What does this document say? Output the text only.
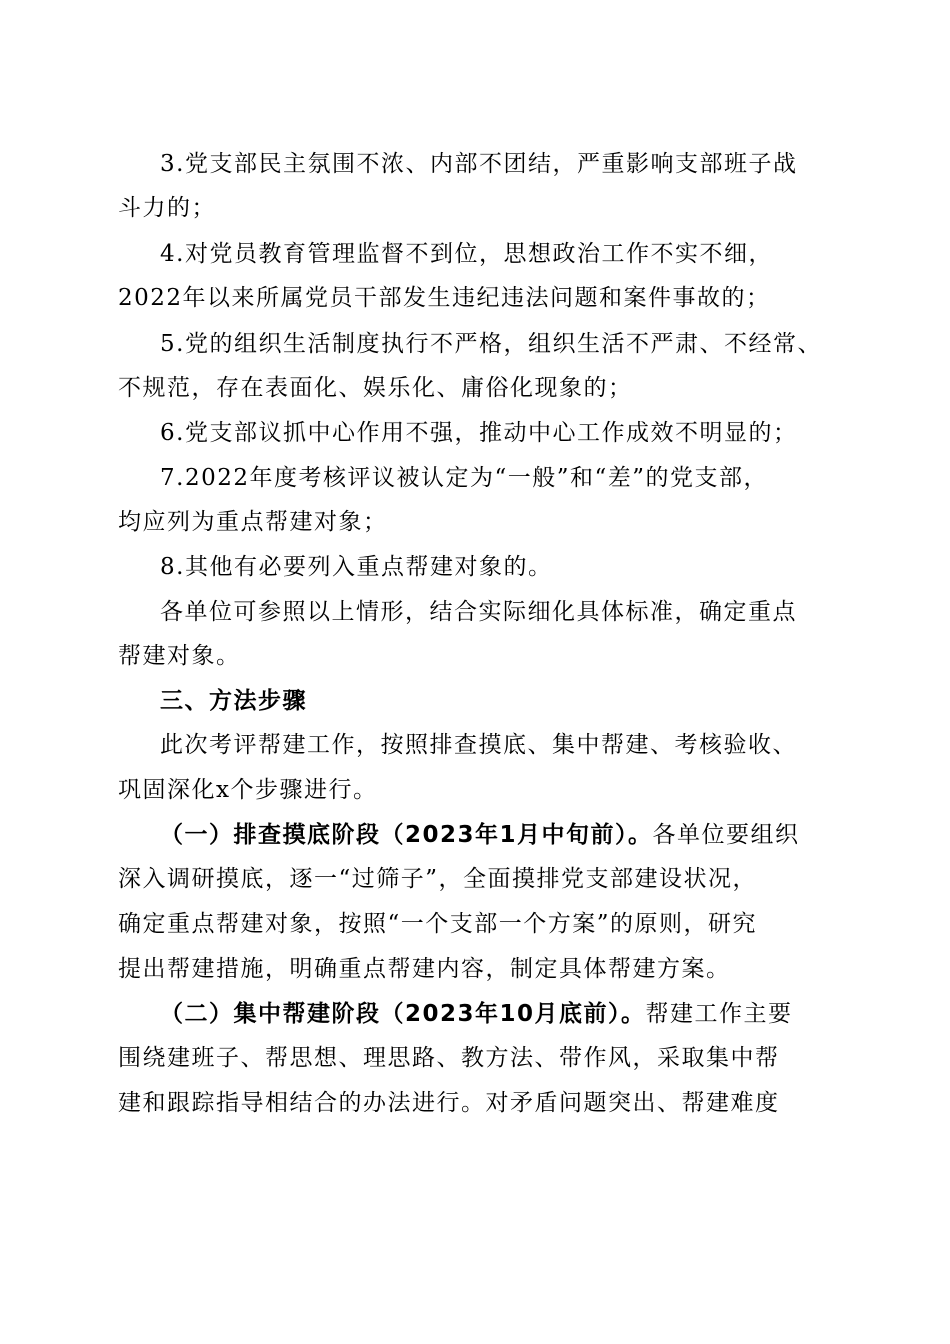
3.党支部民主氛围不浓、内部不团结，严重影响支部班子战
斗力的；
4.对党员教育管理监督不到位，思想政治工作不实不细，
2022年以来所属党员干部发生违纪违法问题和案件事故的；
5.党的组织生活制度执行不严格，组织生活不严肃、不经常、
不规范，存在表面化、娱乐化、庸俗化现象的；
6.党支部议抓中心作用不强，推动中心工作成效不明显的；
7.2022年度考核评议被认定为“一般”和“差”的党支部，
均应列为重点帮建对象；
8.其他有必要列入重点帮建对象的。
各单位可参照以上情形，结合实际细化具体标准，确定重点
帮建对象。
三、方法步骤
此次考评帮建工作，按照排查摸底、集中帮建、考核验收、
巩固深化x个步骤进行。
（一）排查摸底阶段（2023年1月中旬前）。各单位要组织
深入调研摸底，逐一“过筛子”，全面摸排党支部建设状况，
确定重点帮建对象，按照“一个支部一个方案”的原则，研究
提出帮建措施，明确重点帮建内容，制定具体帮建方案。
（二）集中帮建阶段（2023年10月底前）。帮建工作主要
围绕建班子、帮思想、理思路、教方法、带作风，采取集中帮
建和跟踪指导相结合的办法进行。对矛盾问题突出、帮建难度
